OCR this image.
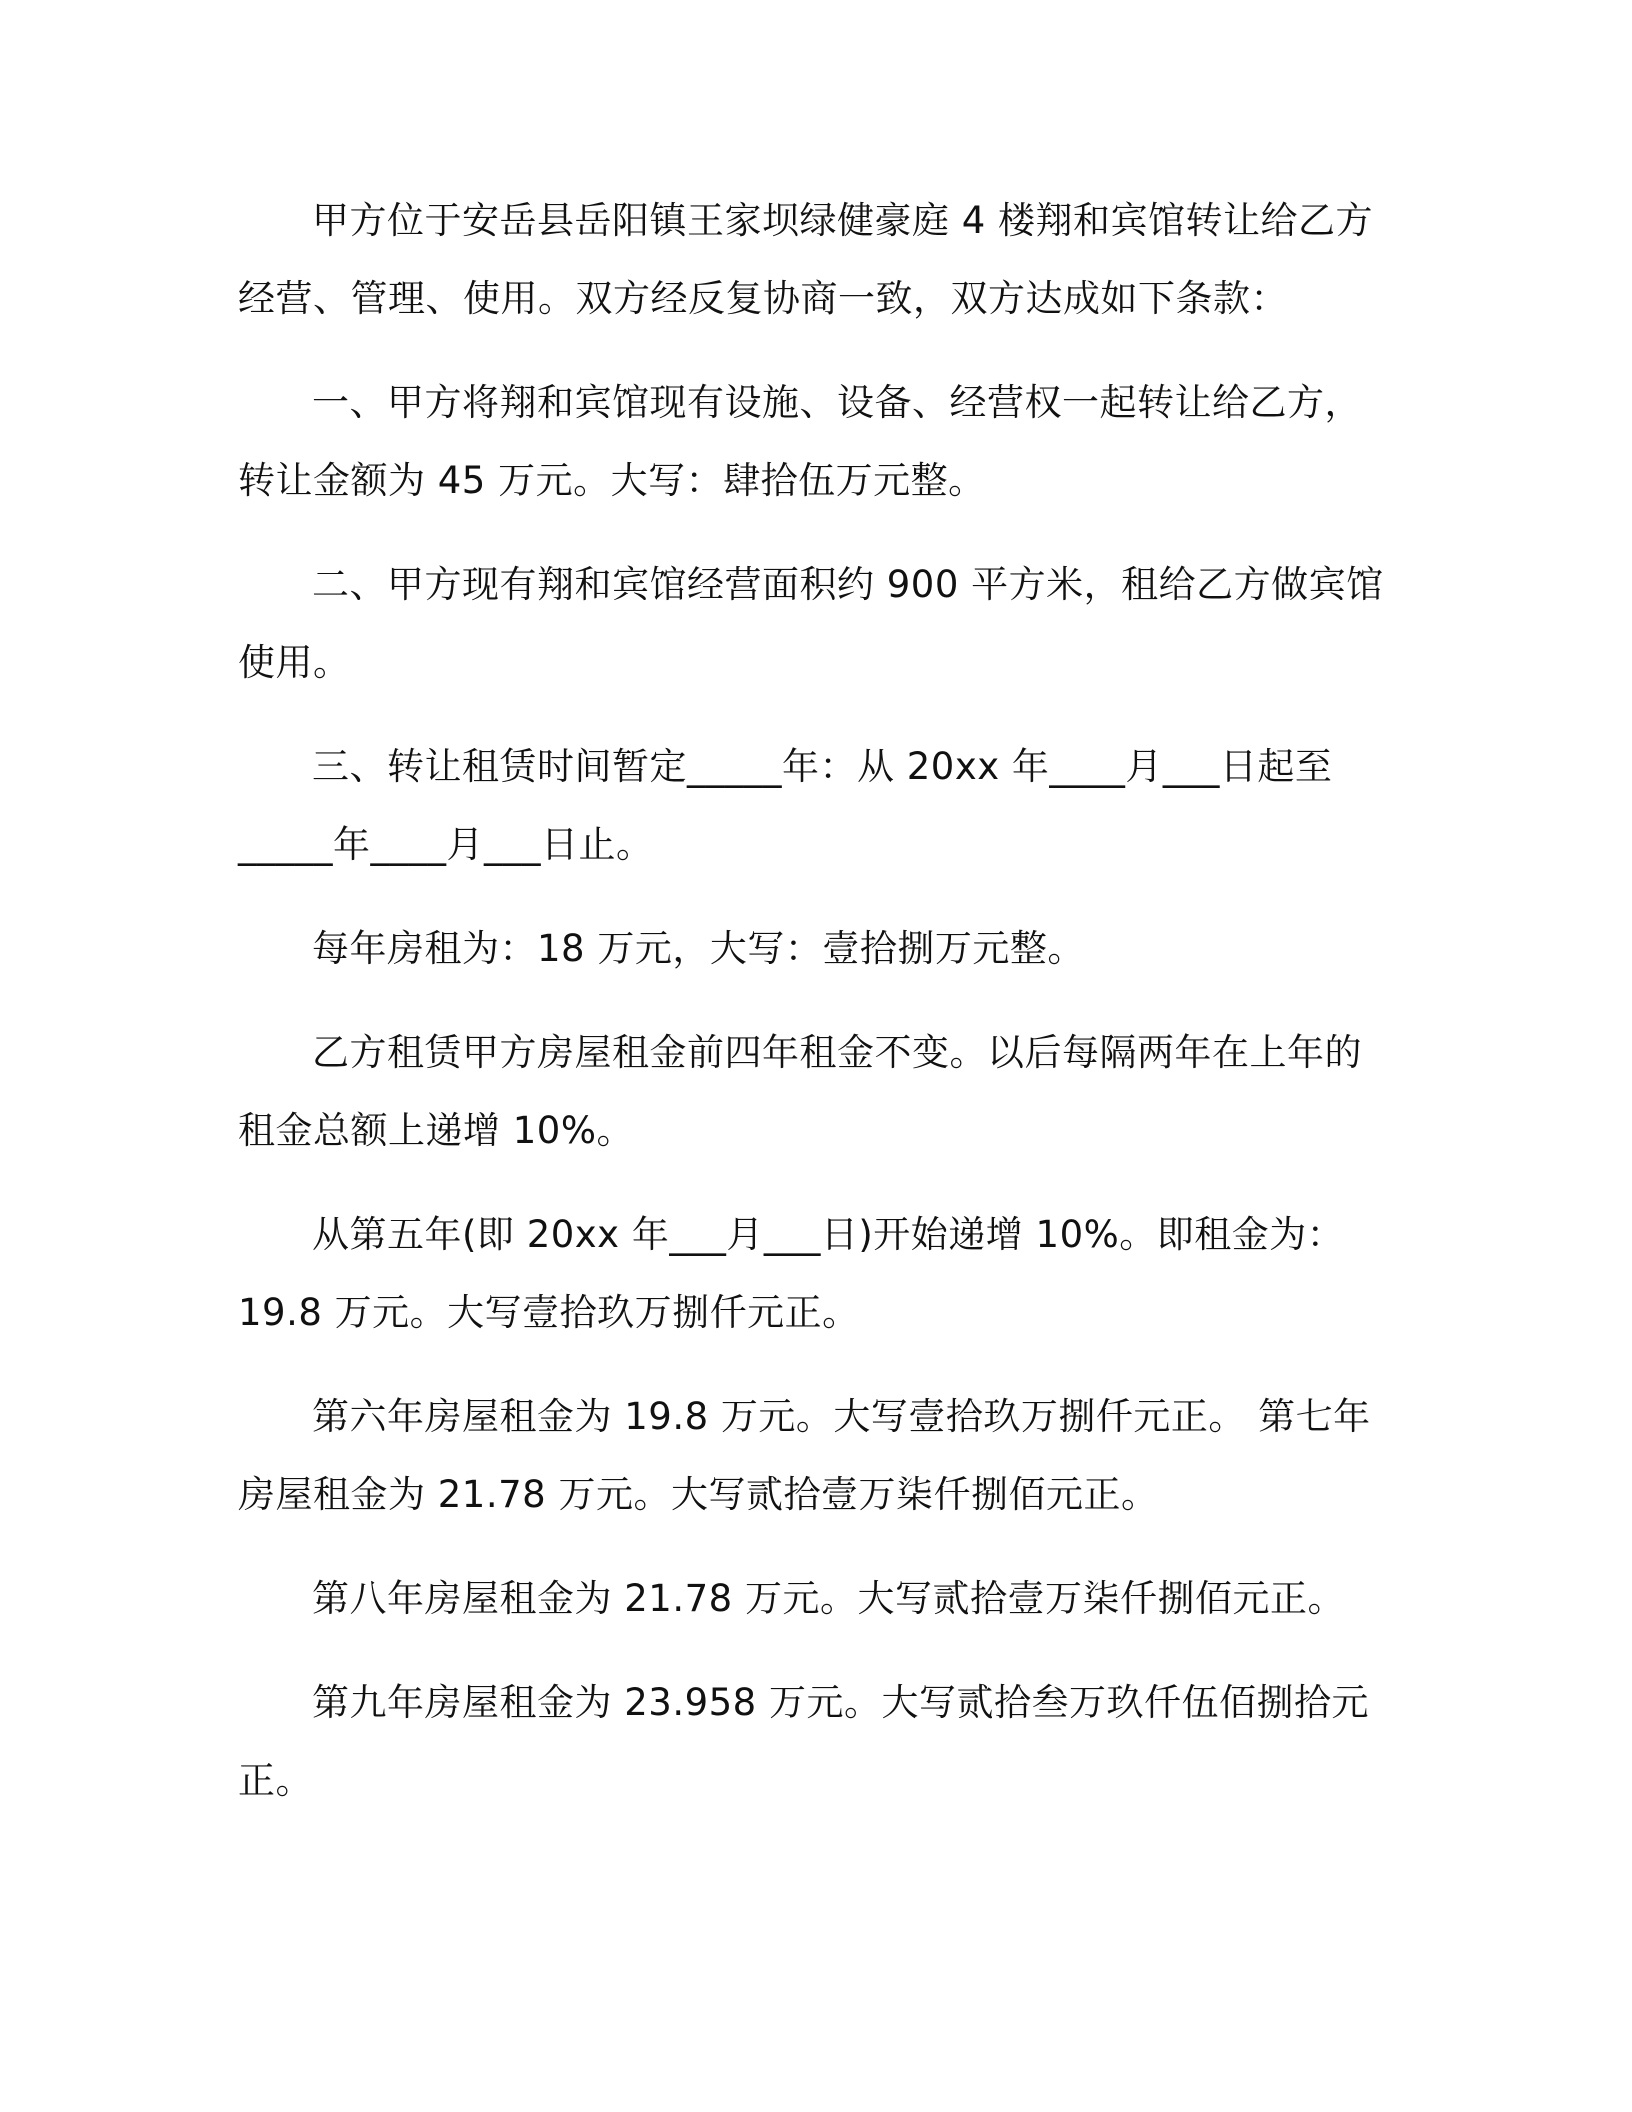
甲方位于安岳县岳阳镇王家坝绿健豪庭 4 楼翔和宾馆转让给乙方经营、管理、使用。双方经反复协商一致，双方达成如下条款：

一、甲方将翔和宾馆现有设施、设备、经营权一起转让给乙方，转让金额为 45 万元。大写：肆拾伍万元整。

二、甲方现有翔和宾馆经营面积约 900 平方米，租给乙方做宾馆使用。

三、转让租赁时间暂定_____年：从 20xx 年____月___日起至_____年____月___日止。

每年房租为：18 万元，大写：壹拾捌万元整。

乙方租赁甲方房屋租金前四年租金不变。以后每隔两年在上年的租金总额上递增 10%。

从第五年(即 20xx 年___月___日)开始递增 10%。即租金为：19.8 万元。大写壹拾玖万捌仟元正。

第六年房屋租金为 19.8 万元。大写壹拾玖万捌仟元正。 第七年房屋租金为 21.78 万元。大写贰拾壹万柒仟捌佰元正。

第八年房屋租金为 21.78 万元。大写贰拾壹万柒仟捌佰元正。

第九年房屋租金为 23.958 万元。大写贰拾叁万玖仟伍佰捌拾元正。
